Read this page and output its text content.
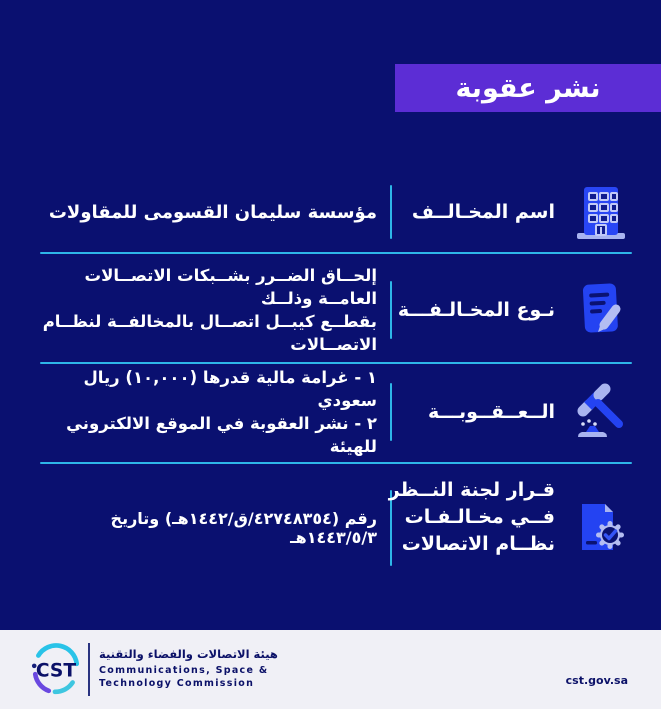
نشر عقوبة
مؤسسة سليمان القسومى للمقاولات	اسم المخـالــف
إلحــاق الضــرر بشــبكات الاتصــالات العامــة وذلــك
بقطــع كيبــل اتصــال بالمخالفــة لنظــام الاتصــالات
نـوع المخـالـفـــة
١ - غرامة مالية قدرها (١٠,٠٠٠) ريال سعودي
٢ - نشر العقوبة في الموقع الالكتروني للهيئة
الــعــقــوبـــة
رقم (٤٢٧٤٨٣٥٤/ق/١٤٤٢هـ) وتاريخ ١٤٤٣/٥/٣هـ
قـرار لجنة النــظر
فــي مخـالـفـات
نظــام الاتصالات
CST
هيئة الاتصالات والفضاء والتقنية
Communications, Space &
Technology Commission	cst.gov.sa
